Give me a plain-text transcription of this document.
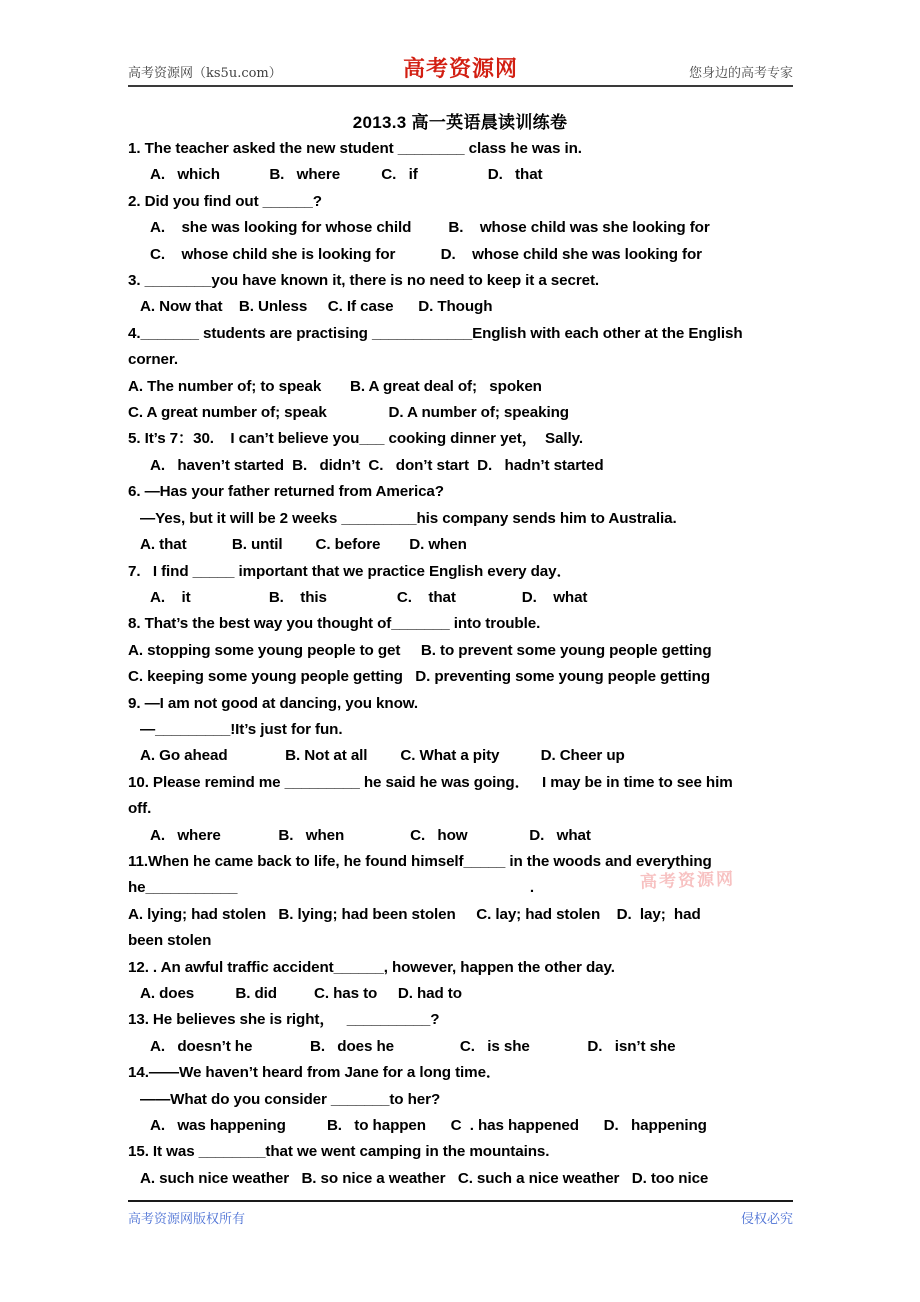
高考资源网（ks5u.com）	高考资源网	您身边的高考专家
2013.3 高一英语晨读训练卷
1. The teacher asked the new student ________ class he was in.
A.   which            B.   where          C.   if                 D.   that
2. Did you find out ______?
A.    she was looking for whose child         B.    whose child was she looking for
C.    whose child she is looking for           D.    whose child she was looking for
3. ________you have known it, there is no need to keep it a secret.
A. Now that    B. Unless     C. If case      D. Though
4._______ students are practising ____________English with each other at the English
corner.
A. The number of; to speak       B. A great deal of;   spoken
C. A great number of; speak               D. A number of; speaking
5. It’s 7：30.    I can’t believe you___ cooking dinner yet，  Sally.
A.   haven’t started  B.   didn’t  C.   don’t start  D.   hadn’t started
6. —Has your father returned from America?
—Yes, but it will be 2 weeks _________his company sends him to Australia.
A. that           B. until        C. before       D. when
7.   I find _____ important that we practice English every day．
A.    it                   B.    this                 C.    that                D.    what
8. That’s the best way you thought of_______ into trouble.
A. stopping some young people to get     B. to prevent some young people getting
C. keeping some young people getting   D. preventing some young people getting
9. —I am not good at dancing, you know.
—_________!It’s just for fun.
A. Go ahead              B. Not at all        C. What a pity          D. Cheer up
10. Please remind me _________ he said he was going．   I may be in time to see him
off.
A.   where              B.   when                C.   how               D.   what
11.When he came back to life, he found himself_____ in the woods and everything
he___________                                                                       .
A. lying; had stolen   B. lying; had been stolen     C. lay; had stolen    D.  lay;  had
been stolen
12. . An awful traffic accident______, however, happen the other day.
A. does          B. did         C. has to     D. had to
13. He believes she is right，   __________?
A.   doesn’t he              B.   does he                C.   is she              D.   isn’t she
14.——We haven’t heard from Jane for a long time．
——What do you consider _______to her?
A.   was happening          B.   to happen      C  . has happened      D.   happening
15. It was ________that we went camping in the mountains.
A. such nice weather   B. so nice a weather   C. such a nice weather   D. too nice
高考资源网
高考资源网版权所有	侵权必究
